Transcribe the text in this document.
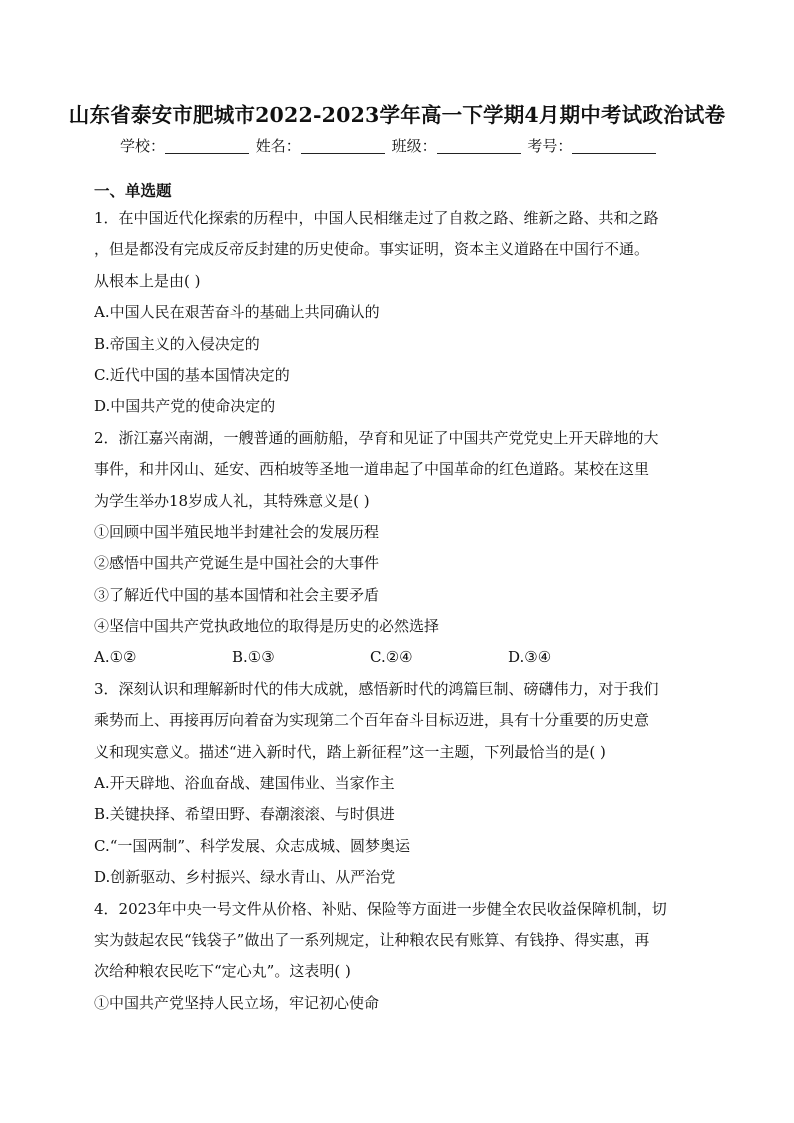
山东省泰安市肥城市2022-2023学年高一下学期4月期中考试政治试卷
学校：	姓名：	班级：	考号：
一、单选题
1．在中国近代化探索的历程中，中国人民相继走过了自救之路、维新之路、共和之路
，但是都没有完成反帝反封建的历史使命。事实证明，资本主义道路在中国行不通。
从根本上是由( )
A.中国人民在艰苦奋斗的基础上共同确认的
B.帝国主义的入侵决定的
C.近代中国的基本国情决定的
D.中国共产党的使命决定的
2．浙江嘉兴南湖，一艘普通的画舫船，孕育和见证了中国共产党党史上开天辟地的大
事件，和井冈山、延安、西柏坡等圣地一道串起了中国革命的红色道路。某校在这里
为学生举办18岁成人礼，其特殊意义是( )
①回顾中国半殖民地半封建社会的发展历程
②感悟中国共产党诞生是中国社会的大事件
③了解近代中国的基本国情和社会主要矛盾
④坚信中国共产党执政地位的取得是历史的必然选择
A.①②	B.①③	C.②④	D.③④
3．深刻认识和理解新时代的伟大成就，感悟新时代的鸿篇巨制、磅礴伟力，对于我们
乘势而上、再接再厉向着奋为实现第二个百年奋斗目标迈进，具有十分重要的历史意
义和现实意义。描述“进入新时代，踏上新征程”这一主题，下列最恰当的是( )
A.开天辟地、浴血奋战、建国伟业、当家作主
B.关键抉择、希望田野、春潮滚滚、与时俱进
C.“一国两制”、科学发展、众志成城、圆梦奥运
D.创新驱动、乡村振兴、绿水青山、从严治党
4．2023年中央一号文件从价格、补贴、保险等方面进一步健全农民收益保障机制，切
实为鼓起农民“钱袋子”做出了一系列规定，让种粮农民有账算、有钱挣、得实惠，再
次给种粮农民吃下“定心丸”。这表明( )
①中国共产党坚持人民立场，牢记初心使命
